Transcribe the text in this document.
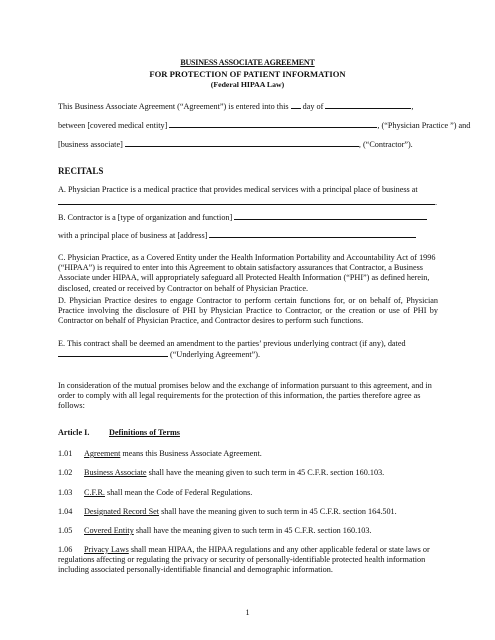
BUSINESS ASSOCIATE AGREEMENT
FOR PROTECTION OF PATIENT INFORMATION
(Federal HIPAA Law)
This Business Associate Agreement (“Agreement”) is entered into this day of	,
between [covered medical entity]	, (“Physician Practice ”) and
[business associate]	, (“Contractor”).
RECITALS
A. Physician Practice is a medical practice that provides medical services with a principal place of business at
.
B. Contractor is a [type of organization and function]
with a principal place of business at [address]
C. Physician Practice, as a Covered Entity under the Health Information Portability and Accountability Act of 1996 (“HIPAA”) is required to enter into this Agreement to obtain satisfactory assurances that Contractor, a Business Associate under HIPAA, will appropriately safeguard all Protected Health Information (“PHI”) as defined herein, disclosed, created or received by Contractor on behalf of Physician Practice.
D. Physician Practice desires to engage Contractor to perform certain functions for, or on behalf of, Physician Practice involving the disclosure of PHI by Physician Practice to Contractor, or the creation or use of PHI by Contractor on behalf of Physician Practice, and Contractor desires to perform such functions.
E. This contract shall be deemed an amendment to the parties’ previous underlying contract (if any), dated
(“Underlying Agreement”).
In consideration of the mutual promises below and the exchange of information pursuant to this agreement, and in order to comply with all legal requirements for the protection of this information, the parties therefore agree as follows:
Article I. Definitions of Terms
1.01 Agreement means this Business Associate Agreement.
1.02 Business Associate shall have the meaning given to such term in 45 C.F.R. section 160.103.
1.03 C.F.R. shall mean the Code of Federal Regulations.
1.04 Designated Record Set shall have the meaning given to such term in 45 C.F.R. section 164.501.
1.05 Covered Entity shall have the meaning given to such term in 45 C.F.R. section 160.103.
1.06 Privacy Laws shall mean HIPAA, the HIPAA regulations and any other applicable federal or state laws or regulations affecting or regulating the privacy or security of personally-identifiable protected health information including associated personally-identifiable financial and demographic information.
1
